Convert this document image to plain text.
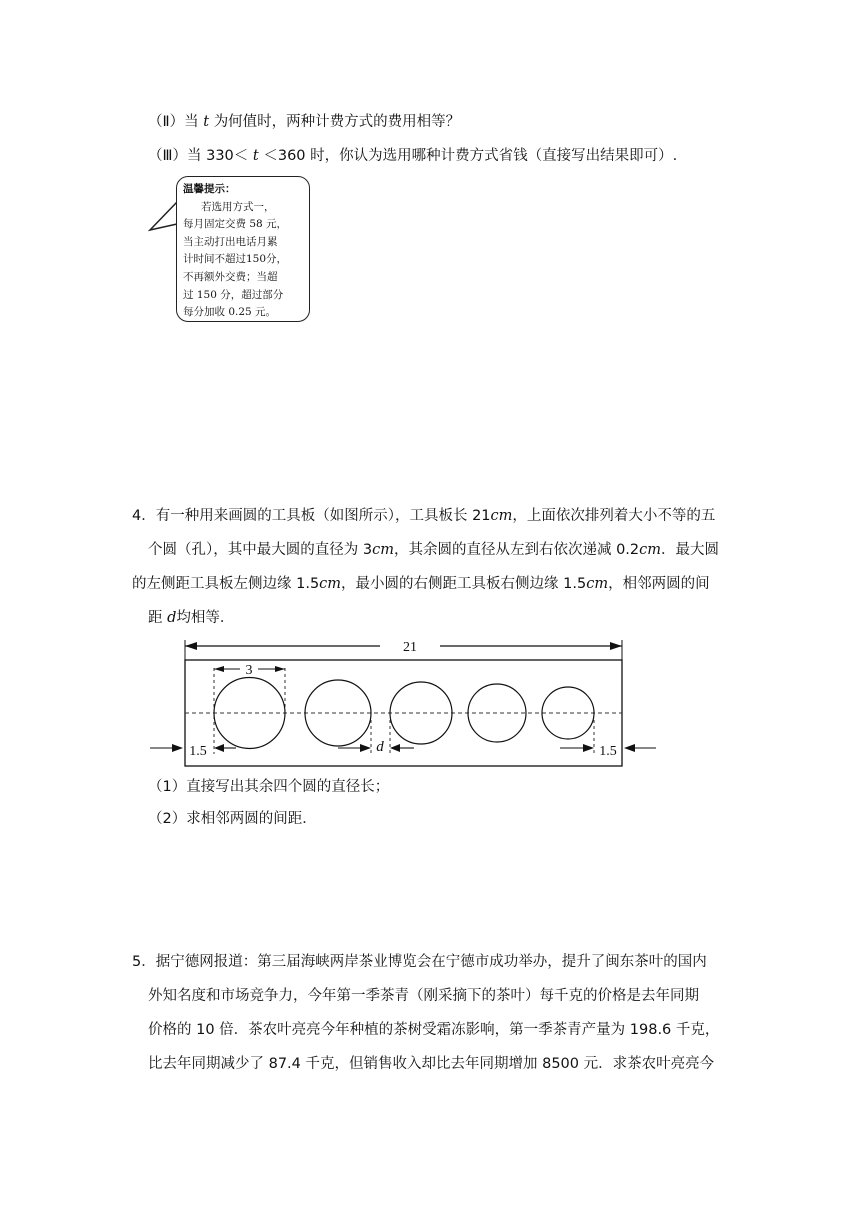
（Ⅱ）当 t 为何值时，两种计费方式的费用相等？
（Ⅲ）当 330＜ t ＜360 时，你认为选用哪种计费方式省钱（直接写出结果即可）.
温馨提示：
若选用方式一，
每月固定交费 58 元，
当主动打出电话月累
计时间不超过150分，
不再额外交费；当超
过 150 分，超过部分
每分加收 0.25 元。
4．有一种用来画圆的工具板（如图所示），工具板长 21cm，上面依次排列着大小不等的五
个圆（孔），其中最大圆的直径为 3cm，其余圆的直径从左到右依次递减 0.2cm．最大圆
的左侧距工具板左侧边缘 1.5cm，最小圆的右侧距工具板右侧边缘 1.5cm，相邻两圆的间
距 d均相等．
21
3
1.5	d	1.5
（1）直接写出其余四个圆的直径长；
（2）求相邻两圆的间距．
5．据宁德网报道：第三届海峡两岸茶业博览会在宁德市成功举办，提升了闽东茶叶的国内
外知名度和市场竞争力，今年第一季茶青（刚采摘下的茶叶）每千克的价格是去年同期
价格的 10 倍．茶农叶亮亮今年种植的茶树受霜冻影响，第一季茶青产量为 198.6 千克，
比去年同期减少了 87.4 千克，但销售收入却比去年同期增加 8500 元．求茶农叶亮亮今
